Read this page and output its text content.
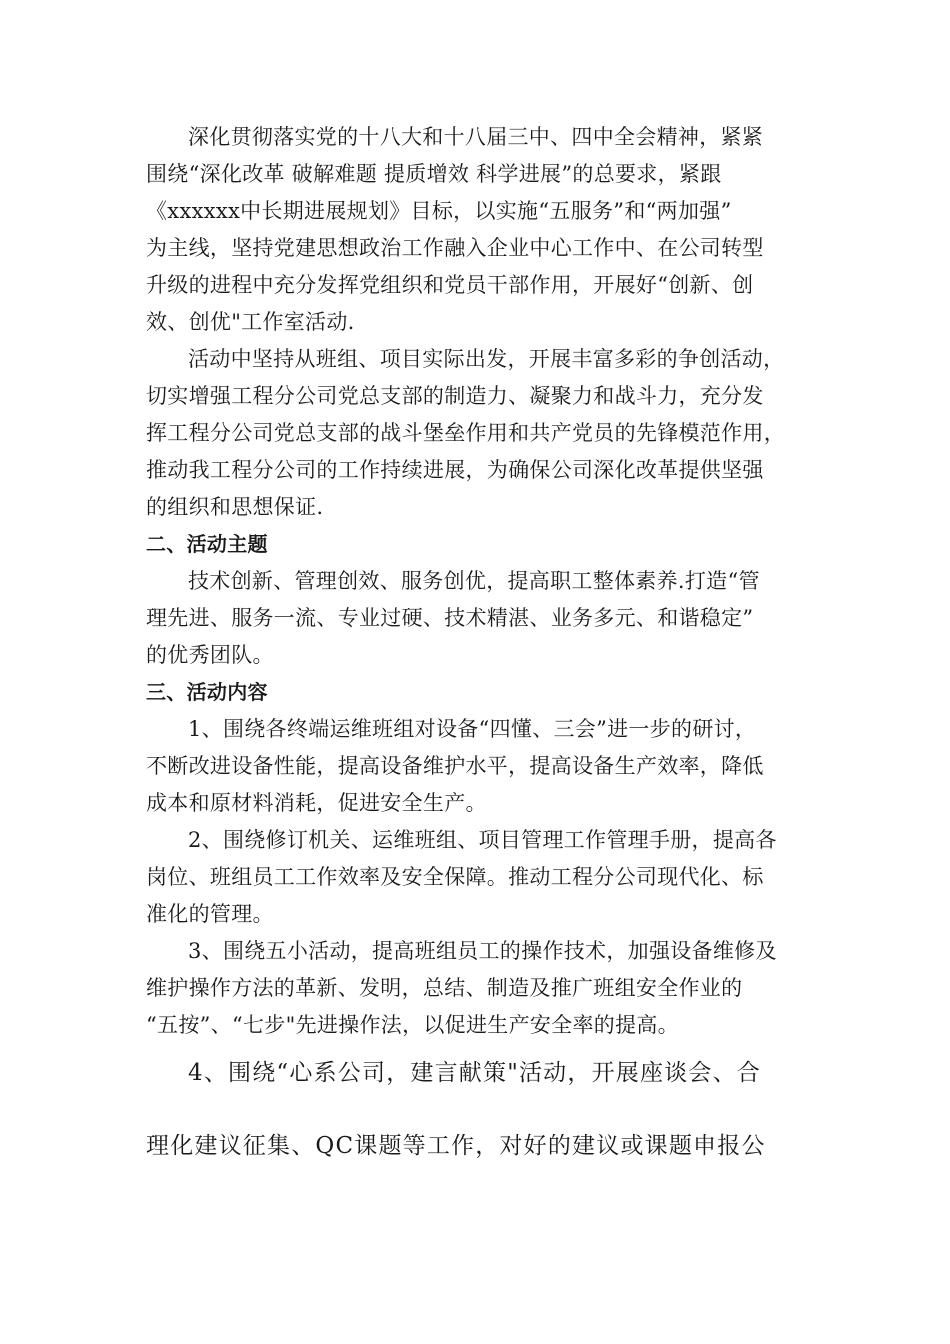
深化贯彻落实党的十八大和十八届三中、四中全会精神，紧紧
围绕“深化改革 破解难题 提质增效 科学进展”的总要求，紧跟
《xxxxxx中长期进展规划》目标，以实施“五服务”和“两加强”
为主线，坚持党建思想政治工作融入企业中心工作中、在公司转型
升级的进程中充分发挥党组织和党员干部作用，开展好“创新、创
效、创优"工作室活动.
活动中坚持从班组、项目实际出发，开展丰富多彩的争创活动，
切实增强工程分公司党总支部的制造力、凝聚力和战斗力，充分发
挥工程分公司党总支部的战斗堡垒作用和共产党员的先锋模范作用，
推动我工程分公司的工作持续进展，为确保公司深化改革提供坚强
的组织和思想保证.
二、活动主题
技术创新、管理创效、服务创优，提高职工整体素养.打造“管
理先进、服务一流、专业过硬、技术精湛、业务多元、和谐稳定”
的优秀团队。
三、活动内容
1、围绕各终端运维班组对设备“四懂、三会”进一步的研讨，
不断改进设备性能，提高设备维护水平，提高设备生产效率，降低
成本和原材料消耗，促进安全生产。
2、围绕修订机关、运维班组、项目管理工作管理手册，提高各
岗位、班组员工工作效率及安全保障。推动工程分公司现代化、标
准化的管理。
3、围绕五小活动，提高班组员工的操作技术，加强设备维修及
维护操作方法的革新、发明，总结、制造及推广班组安全作业的
“五按”、“七步"先进操作法，以促进生产安全率的提高。
4、围绕“心系公司，建言献策"活动，开展座谈会、合
理化建议征集、QC课题等工作，对好的建议或课题申报公
